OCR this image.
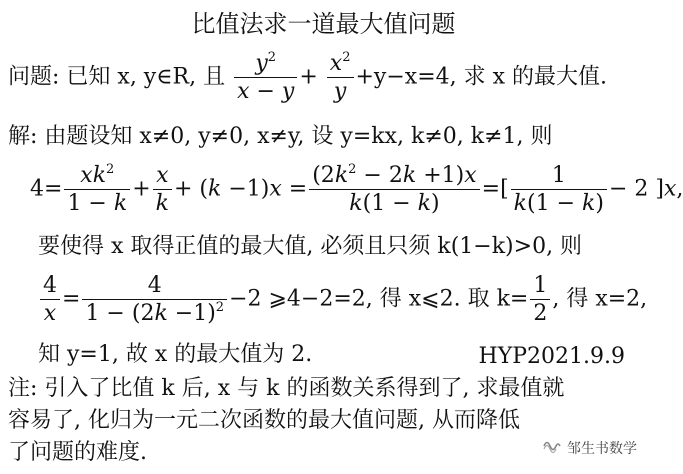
比值法求一道最大值问题
问题: 已知 x, y∈R, 且 $\frac{y^2}{x - y} + \frac{x^2}{y} +y-x=4$, 求 x 的最大值.
解: 由题设知 x≠0, y≠0, x≠y, 设 y=kx, k≠0, k≠1, 则
$4= \frac{xk^2}{1 - k} + \frac{x}{k} + (k -1)x = \frac{(2k^2 - 2k +1)x}{k(1 - k)}$ =[ $\frac{1}{k(1 - k)} - 2$ ]x,
要使得 x 取得正值的最大值, 必须且只须 k(1−k)>0, 则
$\frac{4}{x} = \frac{4}{1 - (2k -1)^2} -2$ ⩾4−2=2, 得 x⩽2. 取 $k= \frac{1}{2}$ , 得 x=2,
知 y=1, 故 x 的最大值为 2.	HYP2021.9.9
注: 引入了比值 k 后, x 与 k 的函数关系得到了, 求最值就
容易了, 化归为一元二次函数的最大值问题, 从而降低
了问题的难度.	邹生书数学
